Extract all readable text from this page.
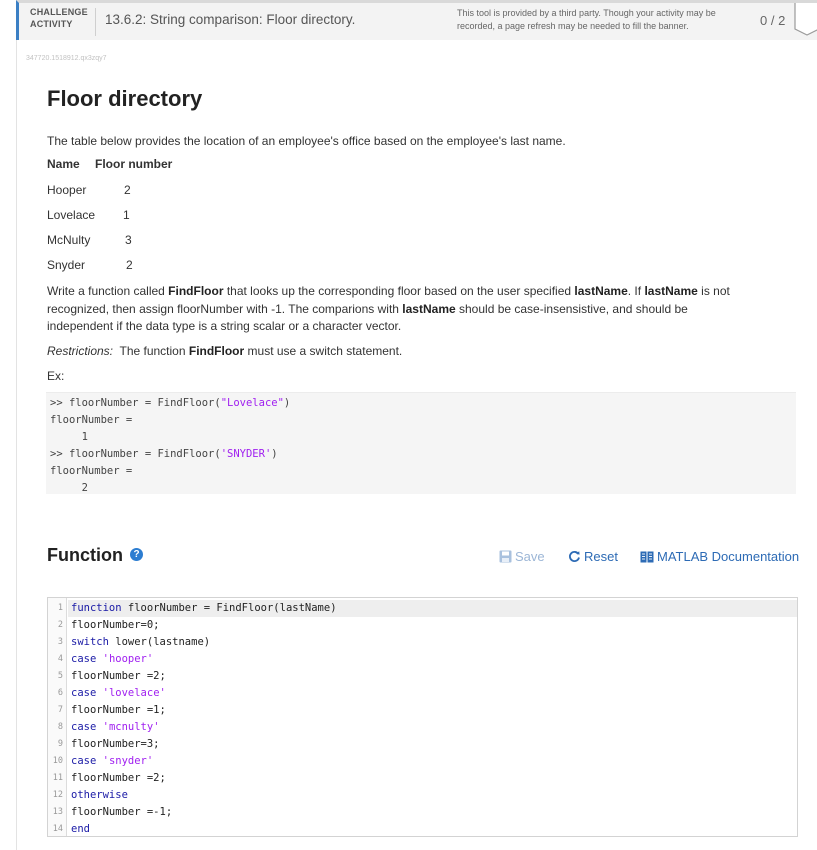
CHALLENGE
ACTIVITY	13.6.2: String comparison: Floor directory.	This tool is provided by a third party. Though your activity may be recorded, a page refresh may be needed to fill the banner.	0 / 2
347720.1518912.qx3zqy7
Floor directory
The table below provides the location of an employee's office based on the employee's last name.
Name Floor number
Hooper	2
Lovelace 1
McNulty	3
Snyder	2
Write a function called FindFloor that looks up the corresponding floor based on the user specified lastName. If lastName is not recognized, then assign floorNumber with -1. The comparions with lastName should be case-insensistive, and should be independent if the data type is a string scalar or a character vector.
Restrictions:  The function FindFloor must use a switch statement.
Ex:
>> floorNumber = FindFloor("Lovelace")
floorNumber =
1
>> floorNumber = FindFloor('SNYDER')
floorNumber =
2
Function	?	Save	Reset	MATLAB Documentation
1 function floorNumber = FindFloor(lastName)
2 floorNumber=0;
3 switch lower(lastname)
4 case 'hooper'
5 floorNumber =2;
6 case 'lovelace'
7 floorNumber =1;
8 case 'mcnulty'
9 floorNumber=3;
10 case 'snyder'
11 floorNumber =2;
12 otherwise
13 floorNumber =-1;
14 end
